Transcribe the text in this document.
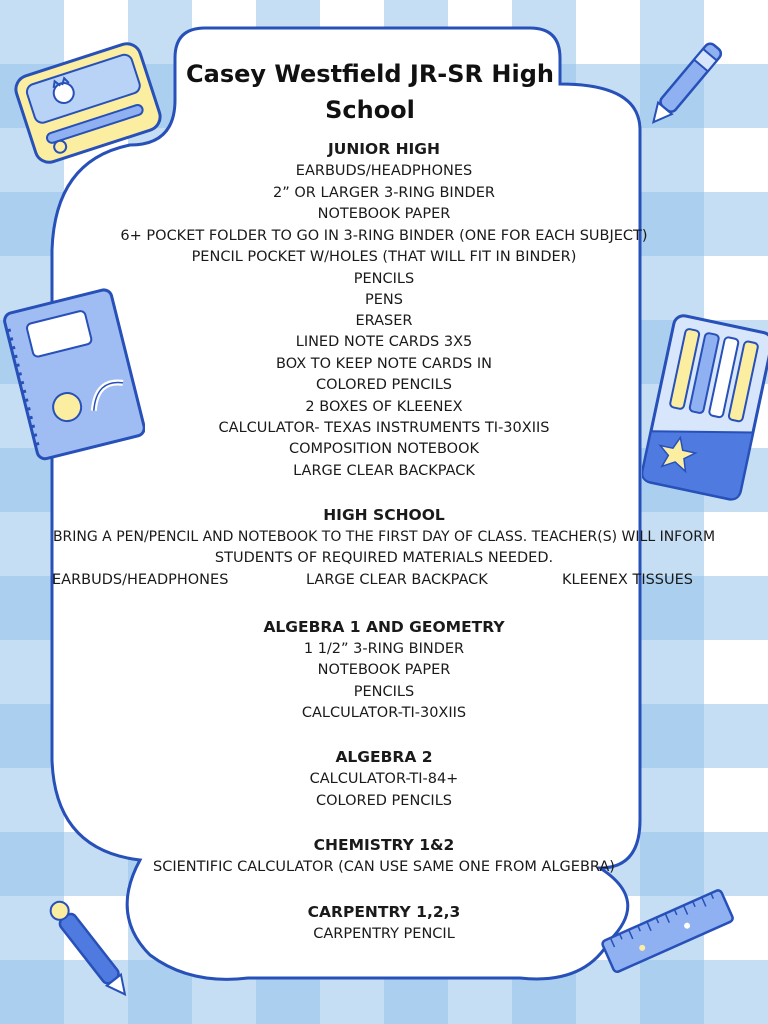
Casey Westfield JR-SR High School
JUNIOR HIGH
EARBUDS/HEADPHONES
2” OR LARGER 3-RING BINDER
NOTEBOOK PAPER
6+ POCKET FOLDER TO GO IN 3-RING BINDER (ONE FOR EACH SUBJECT)
PENCIL POCKET W/HOLES (THAT WILL FIT IN BINDER)
PENCILS
PENS
ERASER
LINED NOTE CARDS 3X5
BOX TO KEEP NOTE CARDS IN
COLORED PENCILS
2 BOXES OF KLEENEX
CALCULATOR- TEXAS INSTRUMENTS TI-30XIIS
COMPOSITION NOTEBOOK
LARGE CLEAR BACKPACK
HIGH SCHOOL
BRING A PEN/PENCIL AND NOTEBOOK TO THE FIRST DAY OF CLASS. TEACHER(S) WILL INFORM
STUDENTS OF REQUIRED MATERIALS NEEDED.
EARBUDS/HEADPHONES	LARGE CLEAR BACKPACK	KLEENEX TISSUES
ALGEBRA 1 AND GEOMETRY
1 1/2” 3-RING BINDER
NOTEBOOK PAPER
PENCILS
CALCULATOR-TI-30XIIS
ALGEBRA 2
CALCULATOR-TI-84+
COLORED PENCILS
CHEMISTRY 1&2
SCIENTIFIC CALCULATOR (CAN USE SAME ONE FROM ALGEBRA)
CARPENTRY 1,2,3
CARPENTRY PENCIL
